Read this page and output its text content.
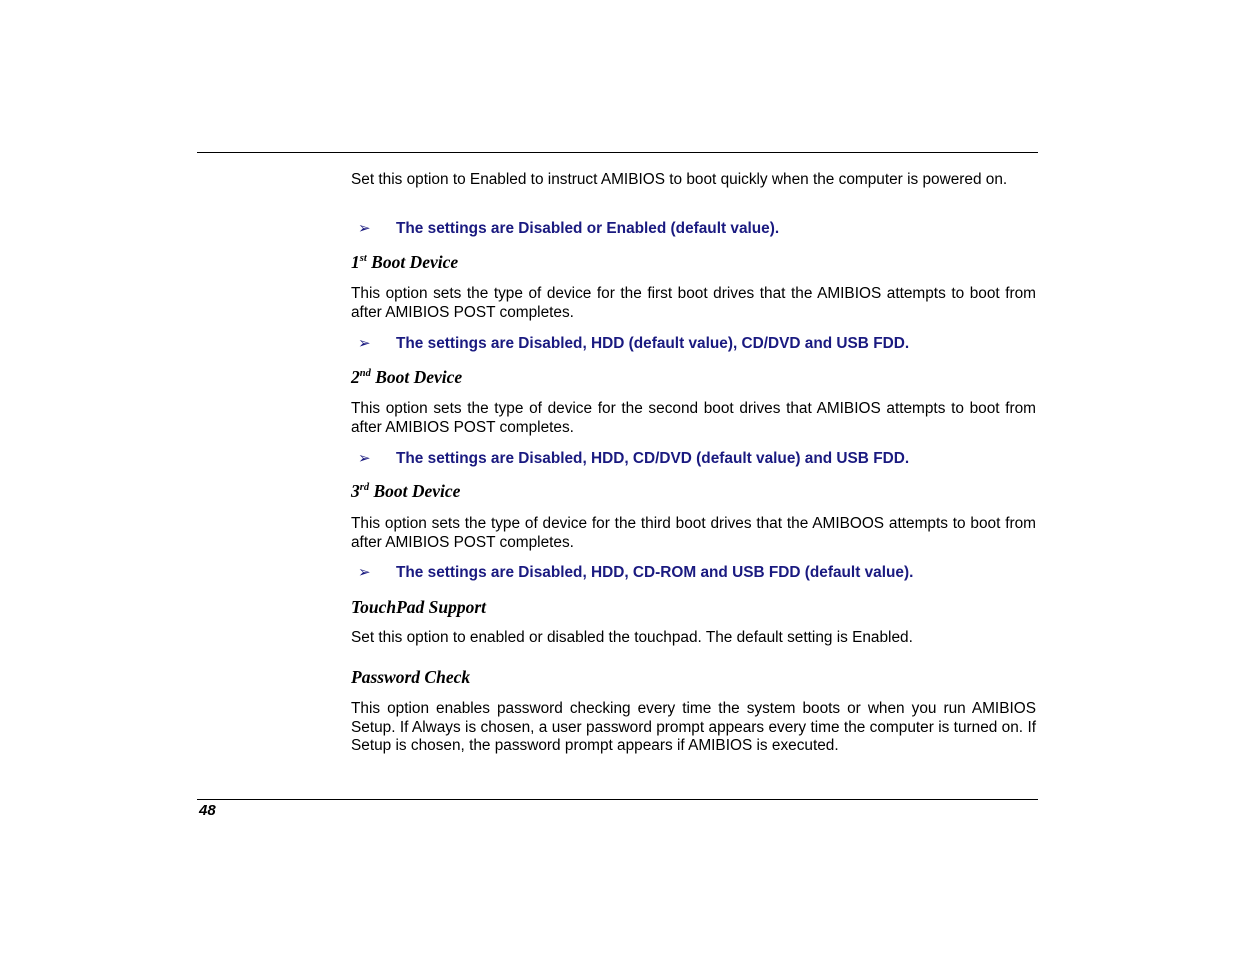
Set this option to Enabled to instruct AMIBIOS to boot quickly when the computer is powered on.
➢ The settings are Disabled or Enabled (default value).
1st Boot Device
This option sets the type of device for the first boot drives that the AMIBIOS attempts to boot from after AMIBIOS POST completes.
➢ The settings are Disabled, HDD (default value), CD/DVD and USB FDD.
2nd Boot Device
This option sets the type of device for the second boot drives that AMIBIOS attempts to boot from after AMIBIOS POST completes.
➢ The settings are Disabled, HDD, CD/DVD (default value) and USB FDD.
3rd Boot Device
This option sets the type of device for the third boot drives that the AMIBOOS attempts to boot from after AMIBIOS POST completes.
➢ The settings are Disabled, HDD, CD-ROM and USB FDD (default value).
TouchPad Support
Set this option to enabled or disabled the touchpad. The default setting is Enabled.
Password Check
This option enables password checking every time the system boots or when you run AMIBIOS Setup. If Always is chosen, a user password prompt appears every time the computer is turned on. If Setup is chosen, the password prompt appears if AMIBIOS is executed.
48
